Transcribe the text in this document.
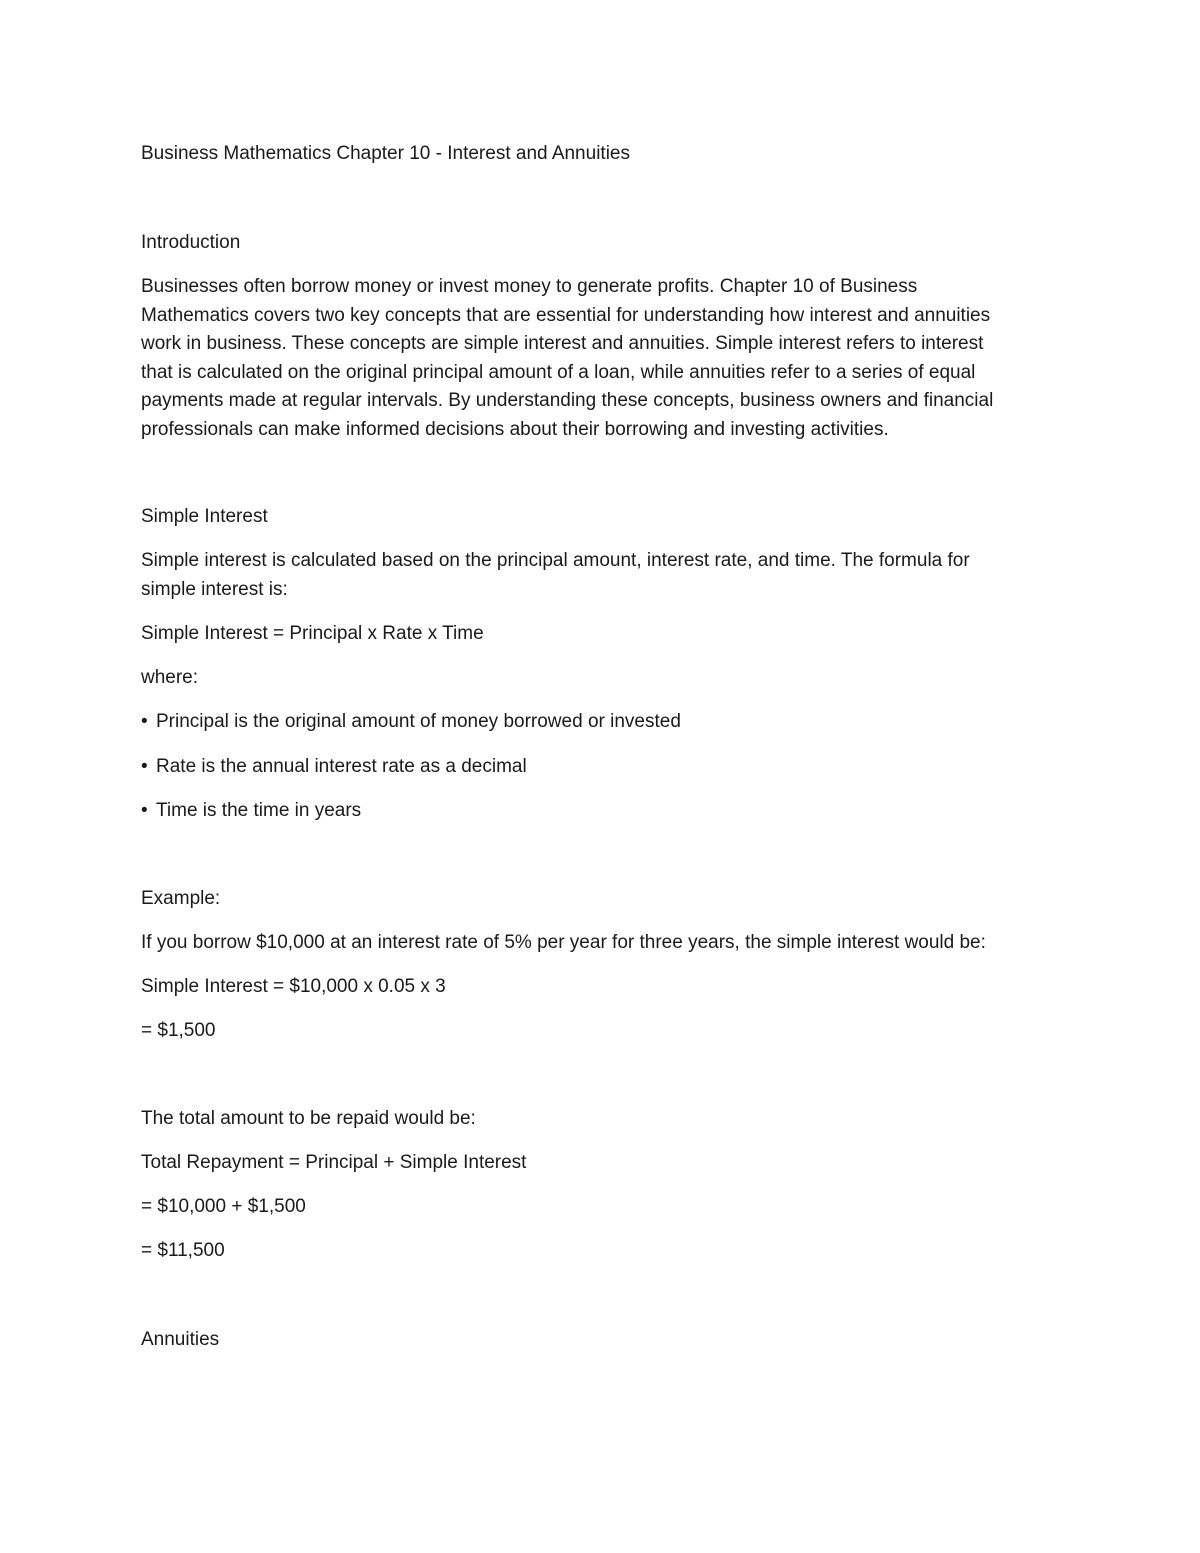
Business Mathematics Chapter 10 - Interest and Annuities

Introduction

Businesses often borrow money or invest money to generate profits. Chapter 10 of Business

Mathematics covers two key concepts that are essential for understanding how interest and annuities

work in business. These concepts are simple interest and annuities. Simple interest refers to interest

that is calculated on the original principal amount of a loan, while annuities refer to a series of equal

payments made at regular intervals. By understanding these concepts, business owners and financial

professionals can make informed decisions about their borrowing and investing activities.

Simple Interest

Simple interest is calculated based on the principal amount, interest rate, and time. The formula for

simple interest is:

Simple Interest = Principal x Rate x Time

where:

• Principal is the original amount of money borrowed or invested

• Rate is the annual interest rate as a decimal

• Time is the time in years

Example:

If you borrow $10,000 at an interest rate of 5% per year for three years, the simple interest would be:

Simple Interest = $10,000 x 0.05 x 3

= $1,500

The total amount to be repaid would be:

Total Repayment = Principal + Simple Interest

= $10,000 + $1,500

= $11,500

Annuities
